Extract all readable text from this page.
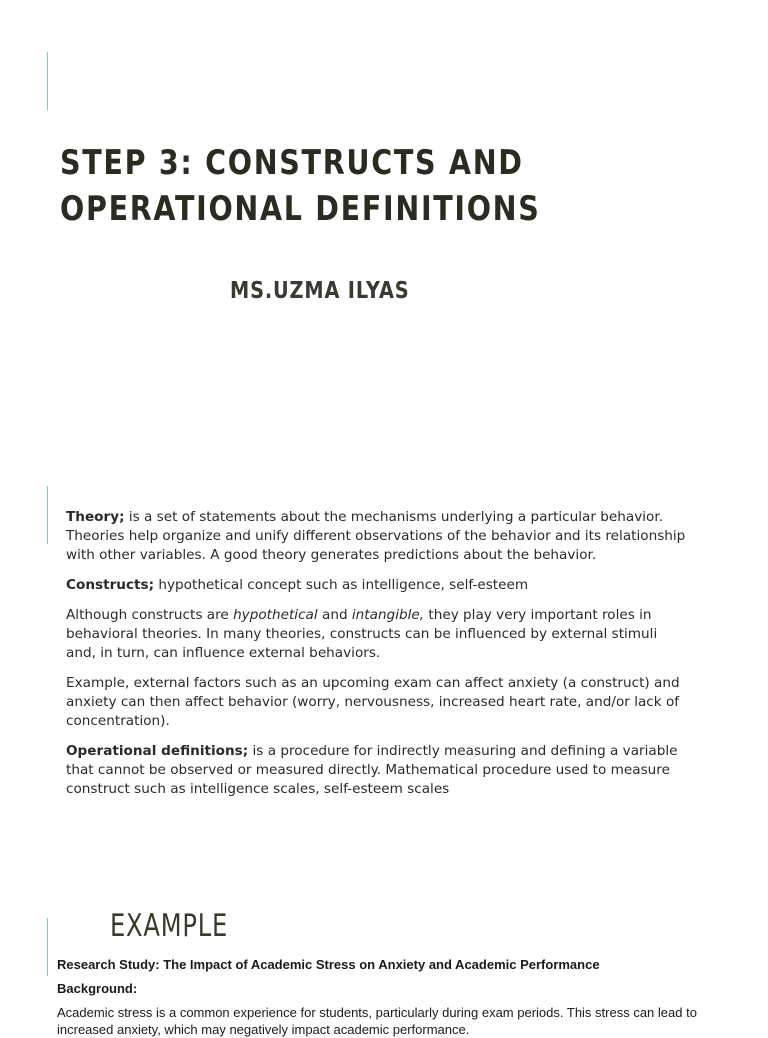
STEP 3: CONSTRUCTS AND
OPERATIONAL DEFINITIONS
MS.UZMA ILYAS

Theory; is a set of statements about the mechanisms underlying a particular behavior. Theories help organize and unify different observations of the behavior and its relationship with other variables. A good theory generates predictions about the behavior.

Constructs; hypothetical concept such as intelligence, self-esteem

Although constructs are hypothetical and intangible, they play very important roles in behavioral theories. In many theories, constructs can be influenced by external stimuli and, in turn, can influence external behaviors.

Example, external factors such as an upcoming exam can affect anxiety (a construct) and anxiety can then affect behavior (worry, nervousness, increased heart rate, and/or lack of concentration).

Operational definitions; is a procedure for indirectly measuring and defining a variable that cannot be observed or measured directly. Mathematical procedure used to measure construct such as intelligence scales, self-esteem scales

EXAMPLE
Research Study: The Impact of Academic Stress on Anxiety and Academic Performance
Background:
Academic stress is a common experience for students, particularly during exam periods. This stress can lead to increased anxiety, which may negatively impact academic performance.
